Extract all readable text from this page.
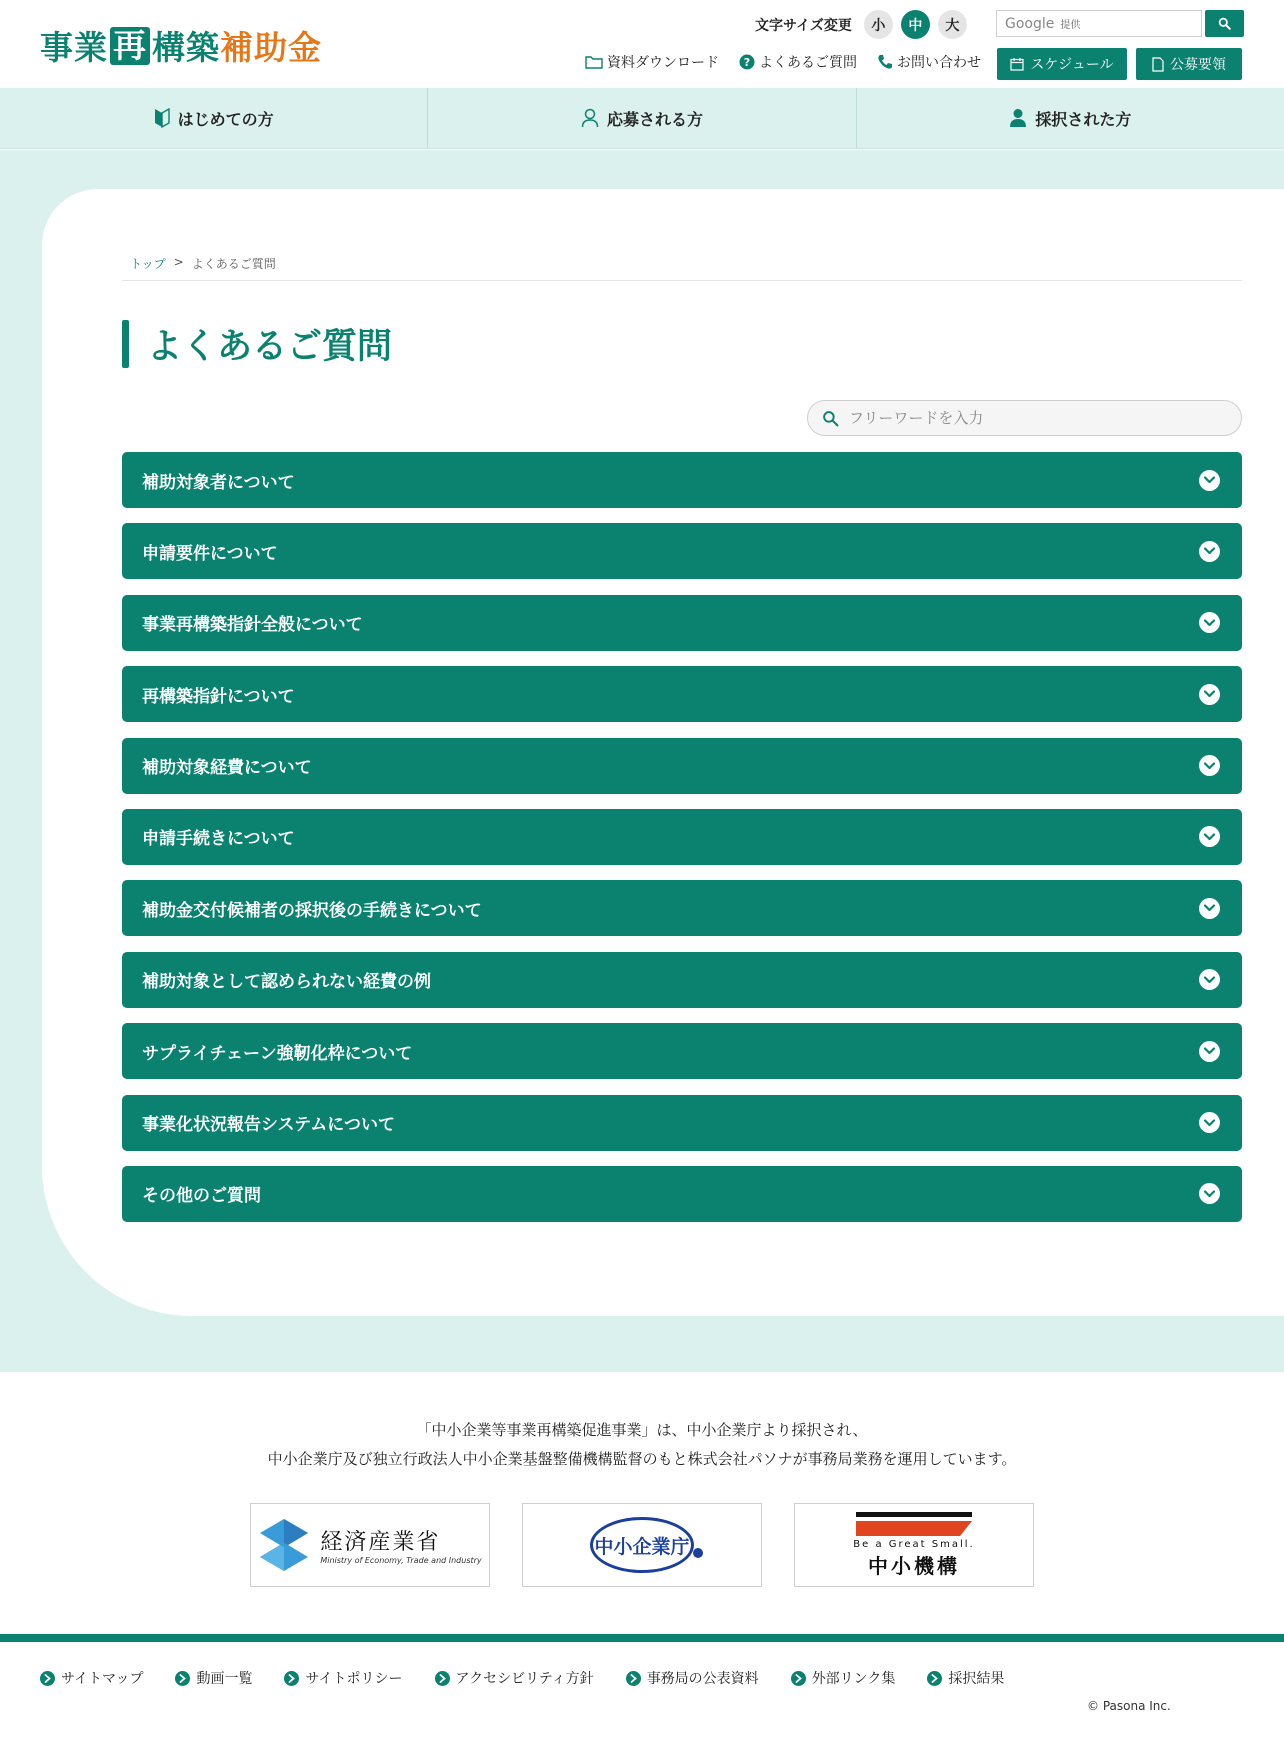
事業 再 構築 補助金
文字サイズ変更	小	中	大	Google 提供
資料ダウンロード ? よくあるご質問	お問い合わせ	スケジュール	公募要領
はじめての方	応募される方	採択された方
トップ > よくあるご質問
よくあるご質問
フリーワードを入力
補助対象者について
申請要件について
事業再構築指針全般について
再構築指針について
補助対象経費について
申請手続きについて
補助金交付候補者の採択後の手続きについて
補助対象として認められない経費の例
サプライチェーン強靭化枠について
事業化状況報告システムについて
その他のご質問
「中小企業等事業再構築促進事業」は、中小企業庁より採択され、
中小企業庁及び独立行政法人中小企業基盤整備機構監督のもと株式会社パソナが事務局業務を運用しています。
経済産業省
Ministry of Economy, Trade and Industry
中小企業庁	Be a Great Small.
中小機構
サイトマップ	動画一覧	サイトポリシー	アクセシビリティ方針	事務局の公表資料	外部リンク集	採択結果
© Pasona Inc.
